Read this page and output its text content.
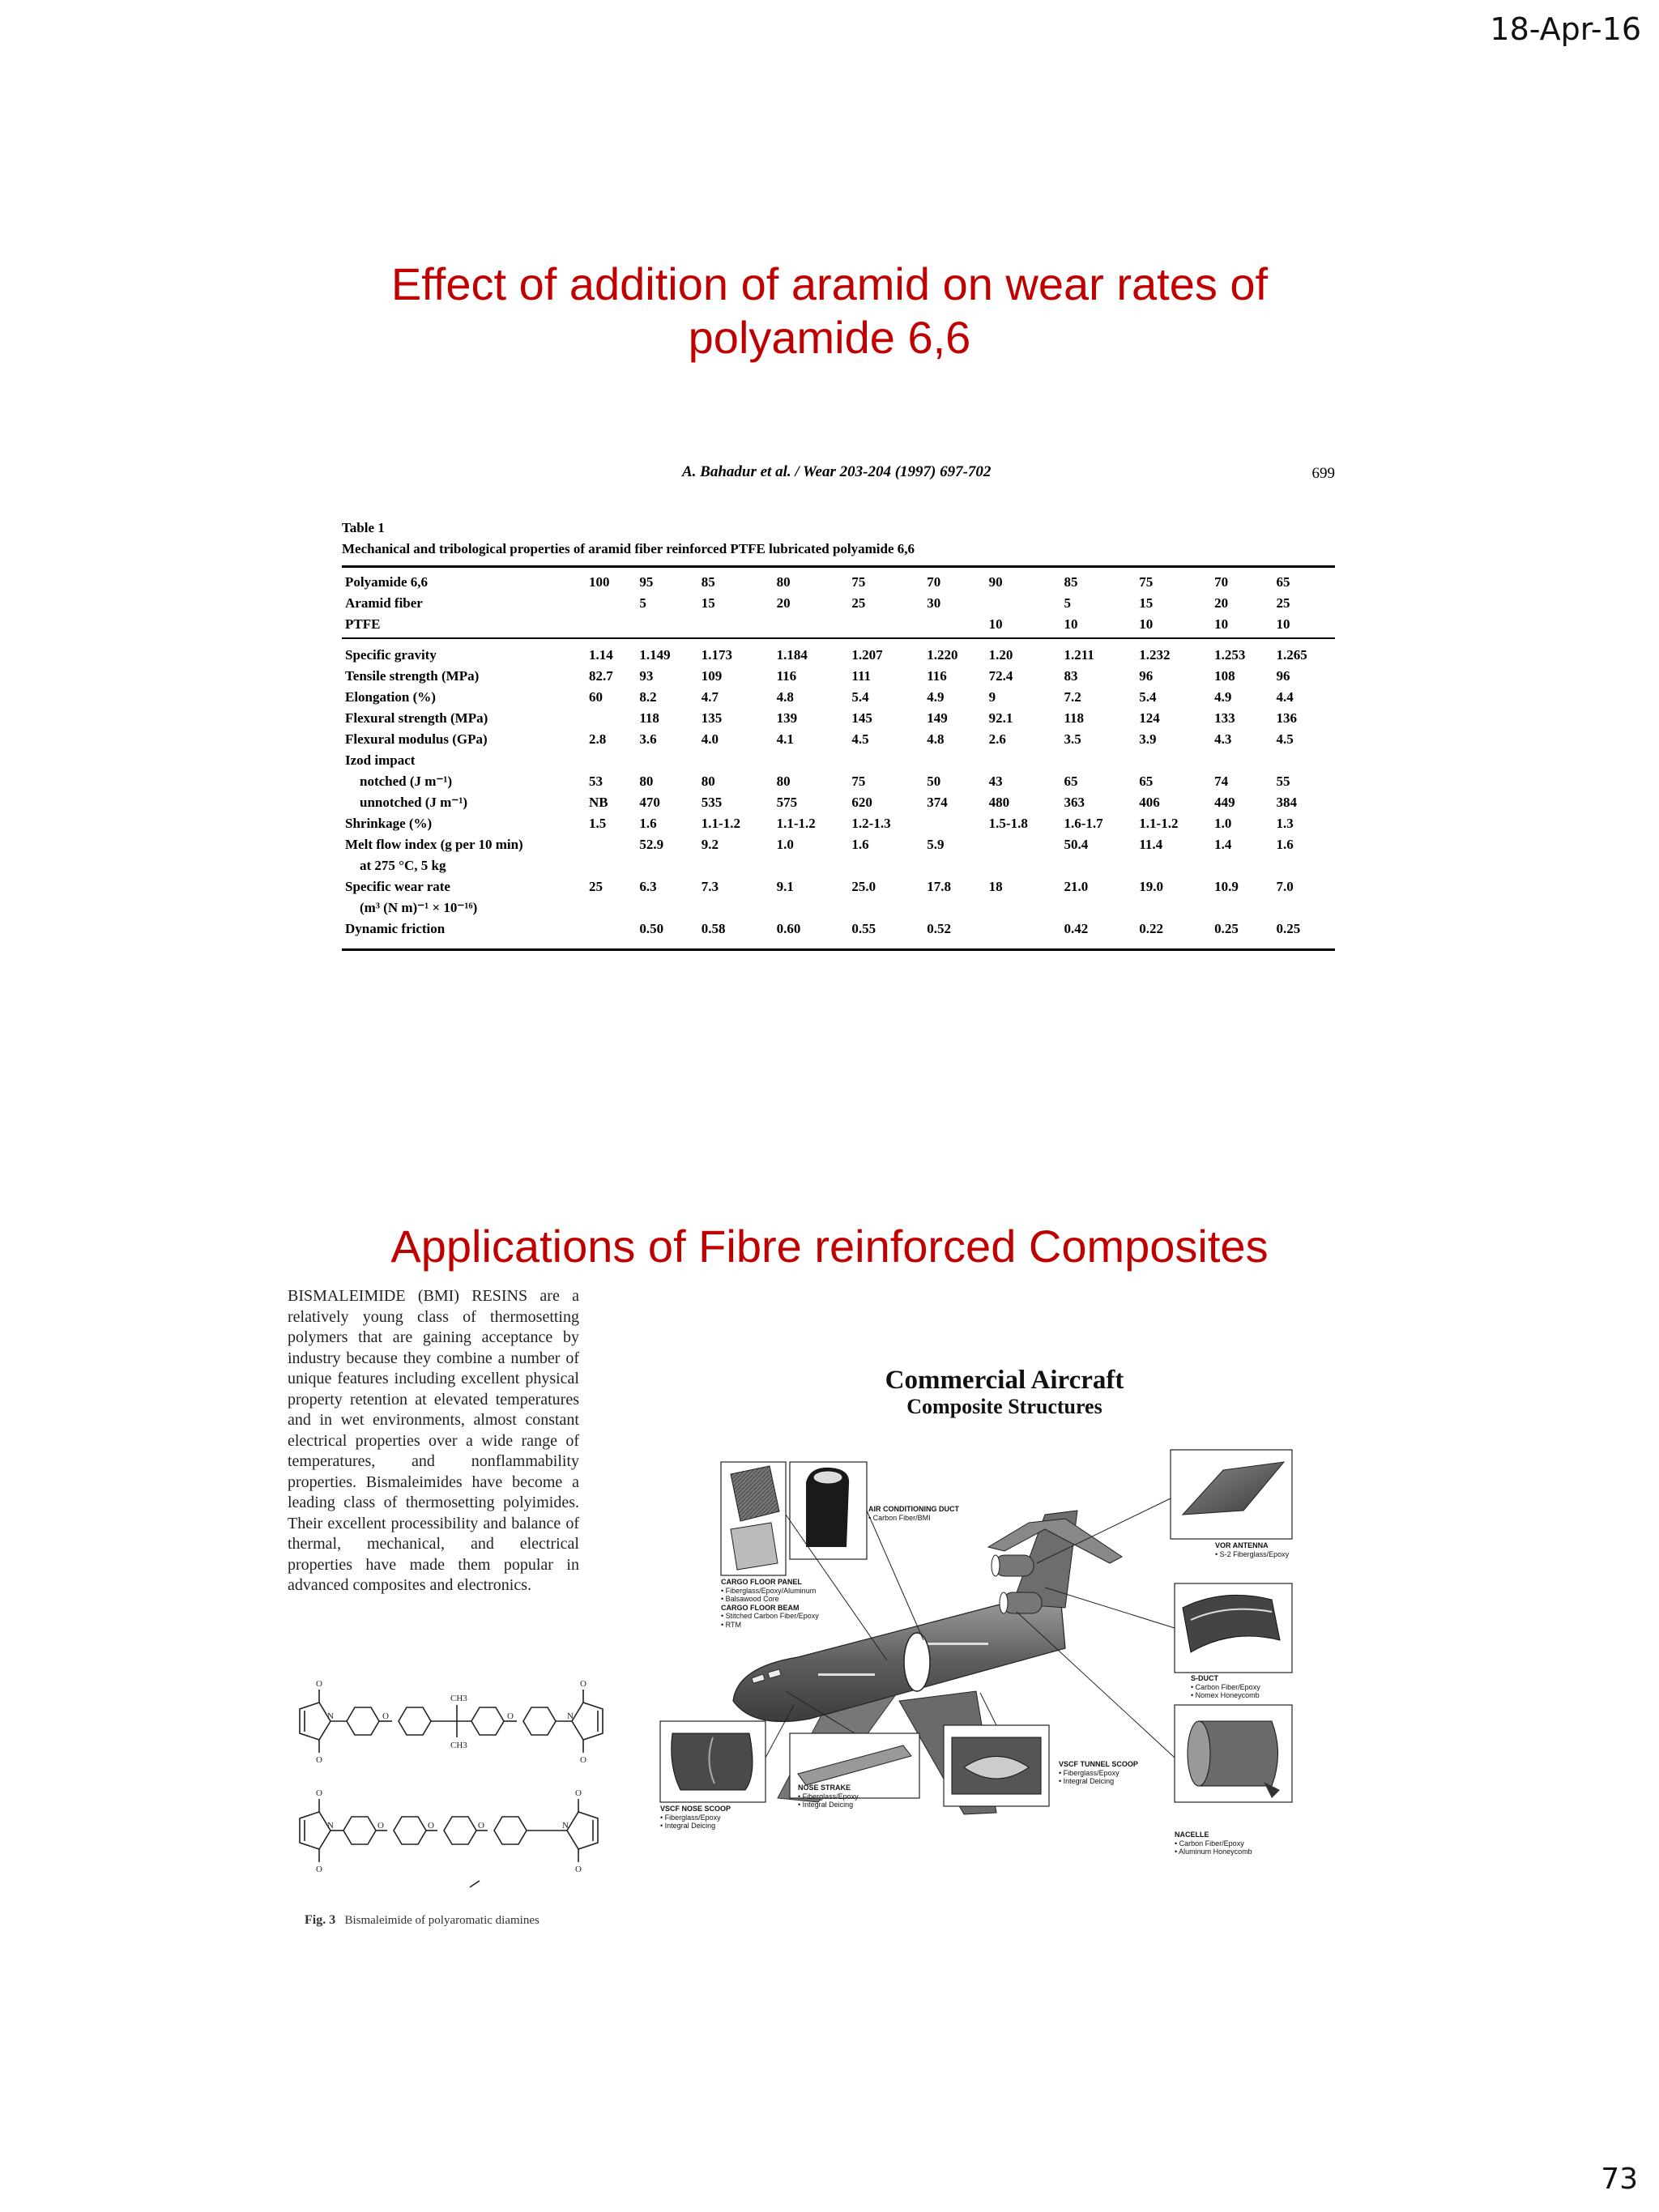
18-Apr-16
Effect of addition of aramid on wear rates of
polyamide 6,6
A. Bahadur et al. / Wear 203-204 (1997) 697-702	699
Table 1
Mechanical and tribological properties of aramid fiber reinforced PTFE lubricated polyamide 6,6
Polyamide 6,6	100	95	85	80	75	70	90	85	75	70	65
Aramid fiber		5	15	20	25	30		5	15	20	25
PTFE							10	10	10	10	10
Specific gravity	1.14	1.149	1.173	1.184	1.207	1.220	1.20	1.211	1.232	1.253	1.265
Tensile strength (MPa)	82.7	93	109	116	111	116	72.4	83	96	108	96
Elongation (%)	60	8.2	4.7	4.8	5.4	4.9	9	7.2	5.4	4.9	4.4
Flexural strength (MPa)		118	135	139	145	149	92.1	118	124	133	136
Flexural modulus (GPa)	2.8	3.6	4.0	4.1	4.5	4.8	2.6	3.5	3.9	4.3	4.5
Izod impact											
notched (J m⁻¹)	53	80	80	80	75	50	43	65	65	74	55
unnotched (J m⁻¹)	NB	470	535	575	620	374	480	363	406	449	384
Shrinkage (%)	1.5	1.6	1.1-1.2	1.1-1.2	1.2-1.3		1.5-1.8	1.6-1.7	1.1-1.2	1.0	1.3
Melt flow index (g per 10 min)		52.9	9.2	1.0	1.6	5.9		50.4	11.4	1.4	1.6
at 275 °C, 5 kg											
Specific wear rate	25	6.3	7.3	9.1	25.0	17.8	18	21.0	19.0	10.9	7.0
(m³ (N m)⁻¹ × 10⁻¹⁶)											
Dynamic friction		0.50	0.58	0.60	0.55	0.52		0.42	0.22	0.25	0.25
Applications of Fibre reinforced Composites
BISMALEIMIDE (BMI) RESINS are a relatively young class of thermosetting polymers that are gaining acceptance by industry because they combine a number of unique features including excellent physical property retention at elevated temperatures and in wet environments, almost constant electrical properties over a wide range of temperatures, and nonflammability properties. Bismaleimides have become a leading class of thermosetting polyimides. Their excellent processibility and balance of thermal, mechanical, and electrical properties have made them popular in advanced composites and electronics.
O
O
O
O
O
O
O
O
N	N
N	N
O	O
O	O	O
CH3
CH3
Fig. 3 Bismaleimide of polyaromatic diamines
Commercial Aircraft
Composite Structures
AIR CONDITIONING DUCT
• Carbon Fiber/BMI
VOR ANTENNA
• S-2 Fiberglass/Epoxy
CARGO FLOOR PANEL
• Fiberglass/Epoxy/Aluminum
• Balsawood Core
CARGO FLOOR BEAM
• Stitched Carbon Fiber/Epoxy
• RTM
S-DUCT
• Carbon Fiber/Epoxy
• Nomex Honeycomb
VSCF TUNNEL SCOOP
• Fiberglass/Epoxy
• Integral Deicing
NOSE STRAKE
• Fiberglass/Epoxy
• Integral Deicing
VSCF NOSE SCOOP
• Fiberglass/Epoxy
• Integral Deicing
NACELLE
• Carbon Fiber/Epoxy
• Aluminum Honeycomb
73
